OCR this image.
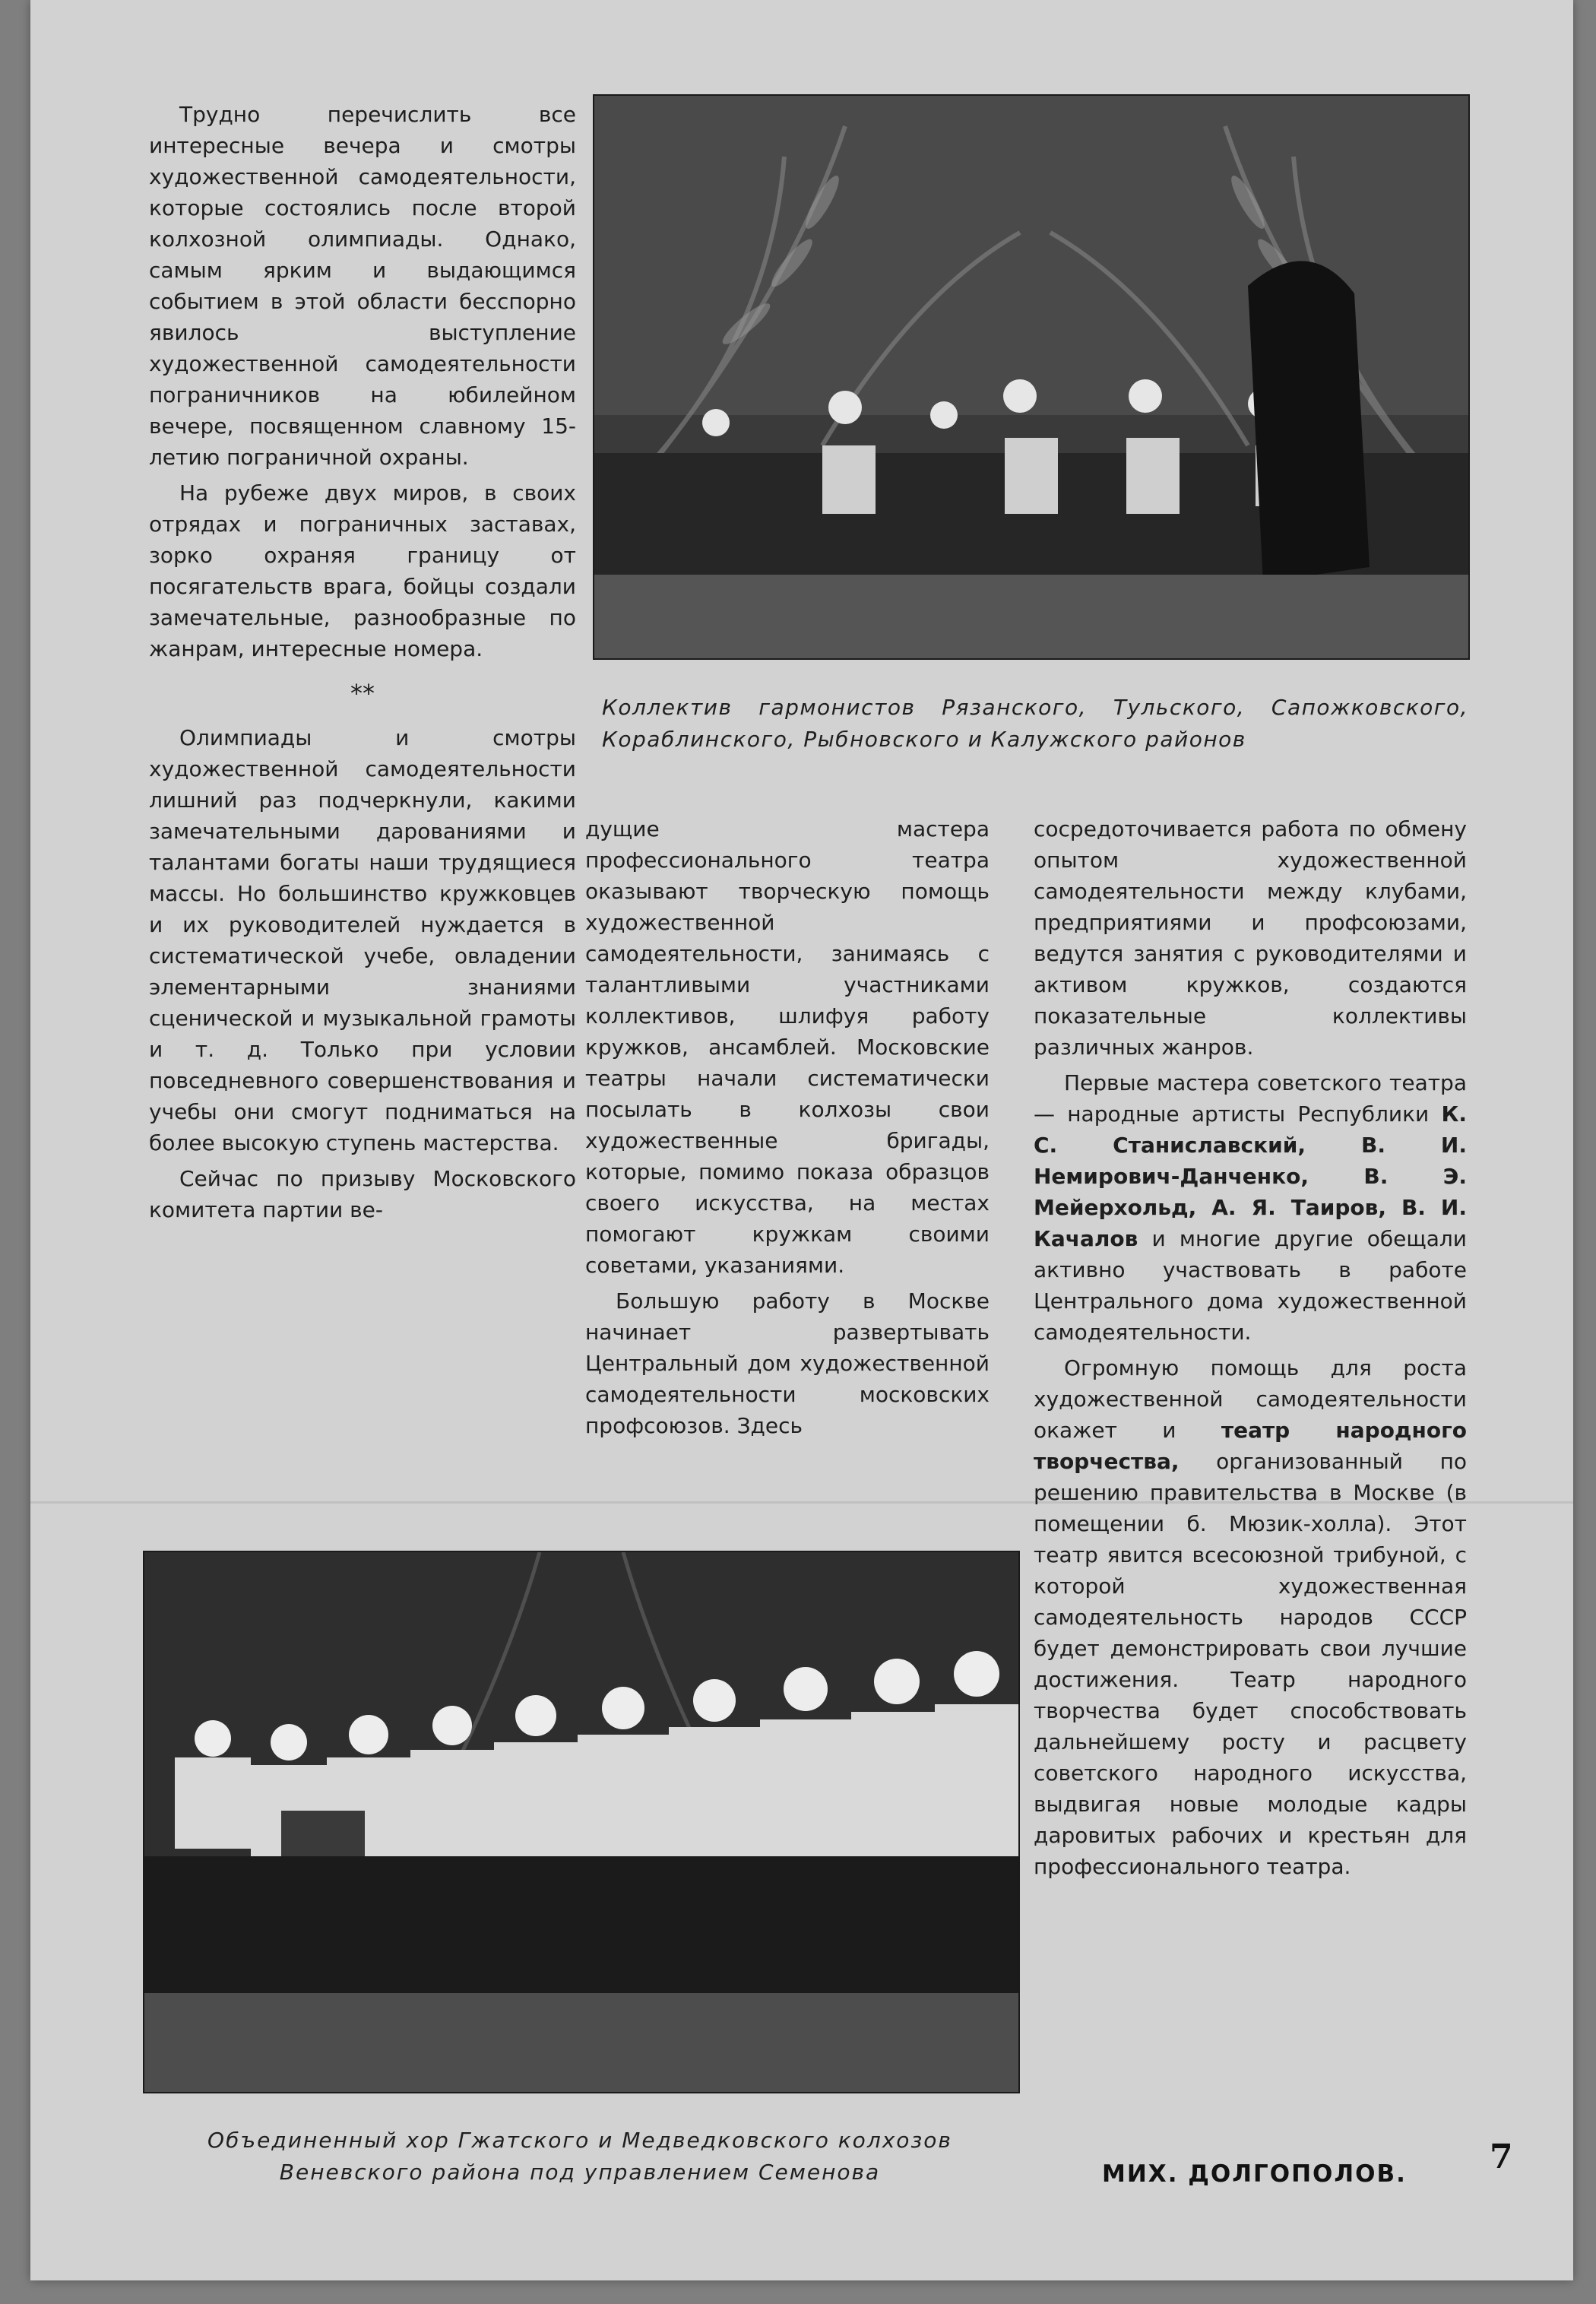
Трудно перечислить все интересные вечера и смотры художественной самодеятельности, которые состоялись после второй колхозной олимпиады. Однако, самым ярким и выдающимся событием в этой области бесспорно явилось выступление художественной самодеятельности пограничников на юбилейном вечере, посвященном славному 15-летию пограничной охраны.

На рубеже двух миров, в своих отрядах и пограничных заставах, зорко охраняя границу от посягательств врага, бойцы создали замечательные, разнообразные по жанрам, интересные номера.

**

Олимпиады и смотры художественной самодеятельности лишний раз подчеркнули, какими замечательными дарованиями и талантами богаты наши трудящиеся массы. Но большинство кружковцев и их руководителей нуждается в систематической учебе, овладении элементарными знаниями сценической и музыкальной грамоты и т. д. Только при условии повседневного совершенствования и учебы они смогут подниматься на более высокую ступень мастерства.

Сейчас по призыву Московского комитета партии ве-

Коллектив гармонистов Рязанского, Тульского, Сапожковского, Кораблинского, Рыбновского и Калужского районов

дущие мастера профессионального театра оказывают творческую помощь художественной самодеятельности, занимаясь с талантливыми участниками коллективов, шлифуя работу кружков, ансамблей. Московские театры начали систематически посылать в колхозы свои художественные бригады, которые, помимо показа образцов своего искусства, на местах помогают кружкам своими советами, указаниями.

Большую работу в Москве начинает развертывать Центральный дом художественной самодеятельности московских профсоюзов. Здесь

сосредоточивается работа по обмену опытом художественной самодеятельности между клубами, предприятиями и профсоюзами, ведутся занятия с руководителями и активом кружков, создаются показательные коллективы различных жанров.

Первые мастера советского театра — народные артисты Республики К. С. Станиславский, В. И. Немирович-Данченко, В. Э. Мейерхольд, А. Я. Таиров, В. И. Качалов и многие другие обещали активно участвовать в работе Центрального дома художественной самодеятельности.

Огромную помощь для роста художественной самодеятельности окажет и театр народного творчества, организованный по решению правительства в Москве (в помещении б. Мюзик-холла). Этот театр явится всесоюзной трибуной, с которой художественная самодеятельность народов СССР будет демонстрировать свои лучшие достижения. Театр народного творчества будет способствовать дальнейшему росту и расцвету советского народного искусства, выдвигая новые молодые кадры даровитых рабочих и крестьян для профессионального театра.

Объединенный хор Гжатского и Медведковского колхозов
Веневского района под управлением Семенова	МИХ. ДОЛГОПОЛОВ. 7
